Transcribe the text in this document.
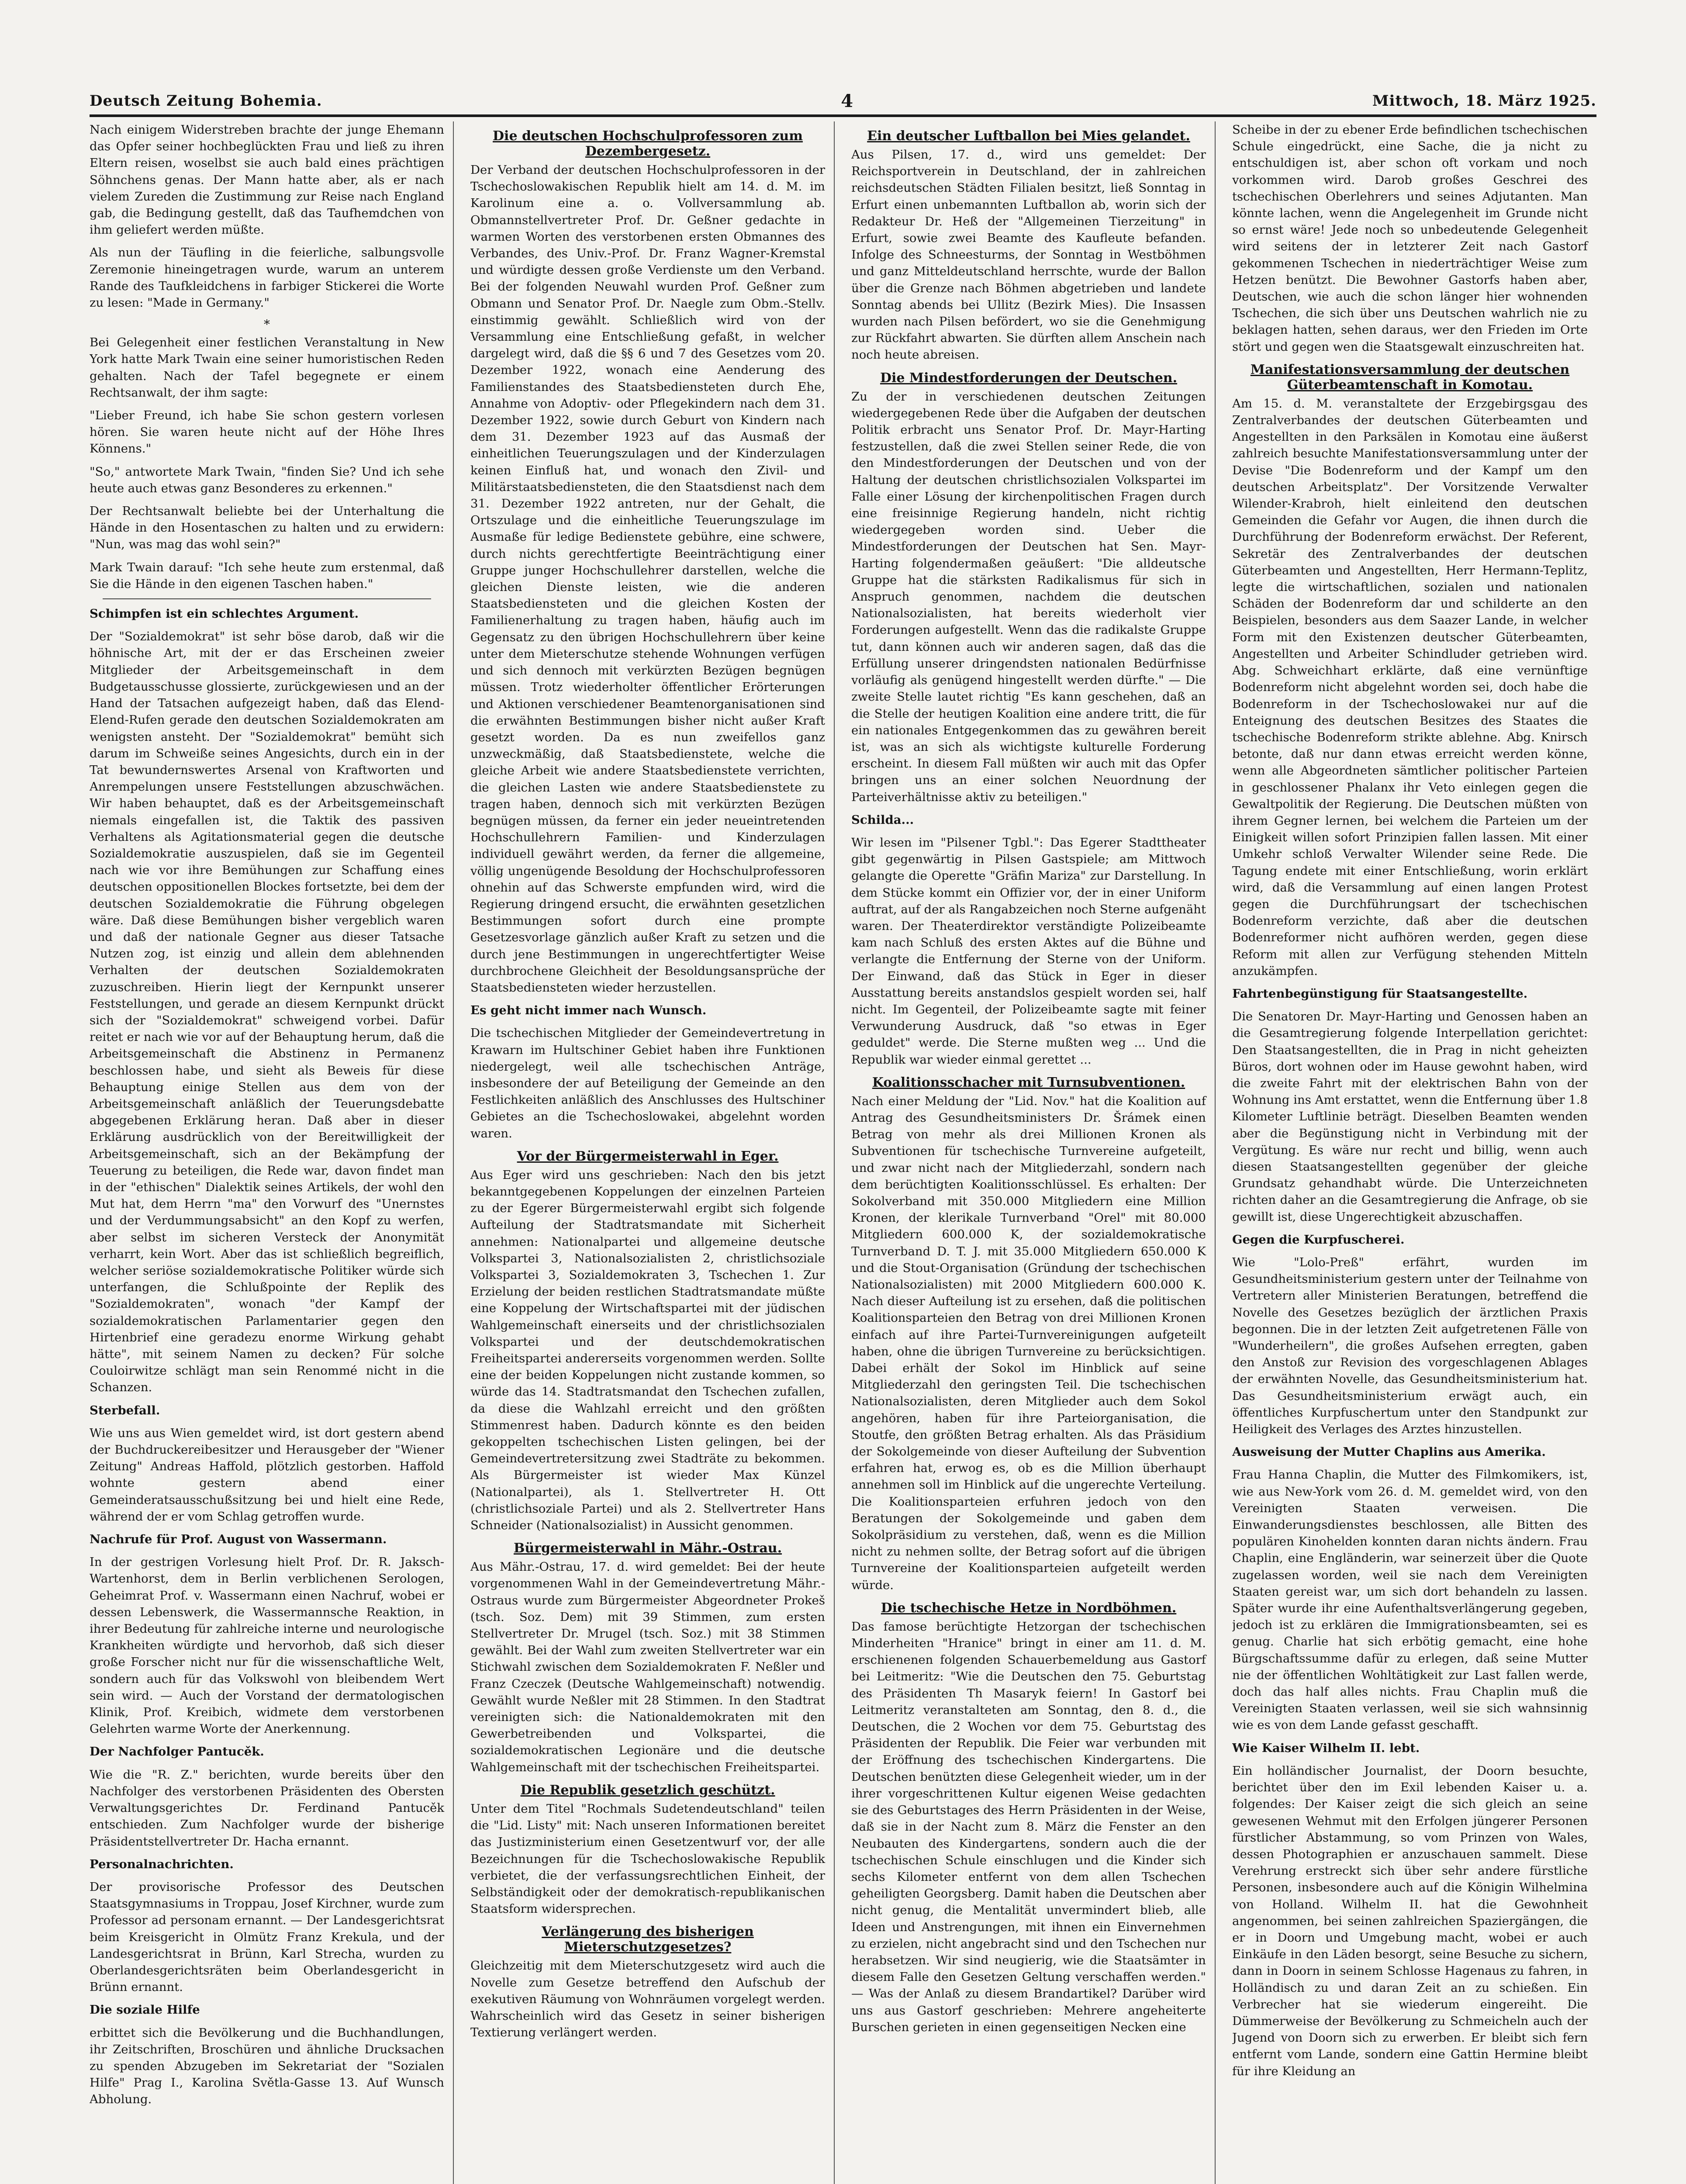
Deutsch Zeitung Bohemia.	4	Mittwoch, 18. März 1925.

Nach einigem Widerstreben brachte der junge Ehemann das Opfer seiner hochbeglückten Frau und ließ zu ihren Eltern reisen, woselbst sie auch bald eines prächtigen Söhnchens genas. Der Mann hatte aber, als er nach vielem Zureden die Zustimmung zur Reise nach England gab, die Bedingung gestellt, daß das Taufhemdchen von ihm geliefert werden müßte.

Als nun der Täufling in die feierliche, salbungsvolle Zeremonie hineingetragen wurde, warum an unterem Rande des Taufkleidchens in farbiger Stickerei die Worte zu lesen: "Made in Germany."

*

Bei Gelegenheit einer festlichen Veranstaltung in New York hatte Mark Twain eine seiner humoristischen Reden gehalten. Nach der Tafel begegnete er einem Rechtsanwalt, der ihm sagte:

"Lieber Freund, ich habe Sie schon gestern vorlesen hören. Sie waren heute nicht auf der Höhe Ihres Könnens."

"So," antwortete Mark Twain, "finden Sie? Und ich sehe heute auch etwas ganz Besonderes zu erkennen."

Der Rechtsanwalt beliebte bei der Unterhaltung die Hände in den Hosentaschen zu halten und zu erwidern: "Nun, was mag das wohl sein?"

Mark Twain darauf: "Ich sehe heute zum erstenmal, daß Sie die Hände in den eigenen Taschen haben."

Schimpfen ist ein schlechtes Argument.

Der "Sozialdemokrat" ist sehr böse darob, daß wir die höhnische Art, mit der er das Erscheinen zweier Mitglieder der Arbeitsgemeinschaft in dem Budgetausschusse glossierte, zurückgewiesen und an der Hand der Tatsachen aufgezeigt haben, daß das Elend-Elend-Rufen gerade den deutschen Sozialdemokraten am wenigsten ansteht. Der "Sozialdemokrat" bemüht sich darum im Schweiße seines Angesichts, durch ein in der Tat bewundernswertes Arsenal von Kraftworten und Anrempelungen unsere Feststellungen abzuschwächen. Wir haben behauptet, daß es der Arbeitsgemeinschaft niemals eingefallen ist, die Taktik des passiven Verhaltens als Agitationsmaterial gegen die deutsche Sozialdemokratie auszuspielen, daß sie im Gegenteil nach wie vor ihre Bemühungen zur Schaffung eines deutschen oppositionellen Blockes fortsetzte, bei dem der deutschen Sozialdemokratie die Führung obgelegen wäre. Daß diese Bemühungen bisher vergeblich waren und daß der nationale Gegner aus dieser Tatsache Nutzen zog, ist einzig und allein dem ablehnenden Verhalten der deutschen Sozialdemokraten zuzuschreiben. Hierin liegt der Kernpunkt unserer Feststellungen, und gerade an diesem Kernpunkt drückt sich der "Sozialdemokrat" schweigend vorbei. Dafür reitet er nach wie vor auf der Behauptung herum, daß die Arbeitsgemeinschaft die Abstinenz in Permanenz beschlossen habe, und sieht als Beweis für diese Behauptung einige Stellen aus dem von der Arbeitsgemeinschaft anläßlich der Teuerungsdebatte abgegebenen Erklärung heran. Daß aber in dieser Erklärung ausdrücklich von der Bereitwilligkeit der Arbeitsgemeinschaft, sich an der Bekämpfung der Teuerung zu beteiligen, die Rede war, davon findet man in der "ethischen" Dialektik seines Artikels, der wohl den Mut hat, dem Herrn "ma" den Vorwurf des "Unernstes und der Verdummungsabsicht" an den Kopf zu werfen, aber selbst im sicheren Versteck der Anonymität verharrt, kein Wort. Aber das ist schließlich begreiflich, welcher seriöse sozialdemokratische Politiker würde sich unterfangen, die Schlußpointe der Replik des "Sozialdemokraten", wonach "der Kampf der sozialdemokratischen Parlamentarier gegen den Hirtenbrief eine geradezu enorme Wirkung gehabt hätte", mit seinem Namen zu decken? Für solche Couloirwitze schlägt man sein Renommé nicht in die Schanzen.

Sterbefall.

Wie uns aus Wien gemeldet wird, ist dort gestern abend der Buchdruckereibesitzer und Herausgeber der "Wiener Zeitung" Andreas Haffold, plötzlich gestorben. Haffold wohnte gestern abend einer Gemeinderatsausschußsitzung bei und hielt eine Rede, während der er vom Schlag getroffen wurde.

Nachrufe für Prof. August von Wassermann.

In der gestrigen Vorlesung hielt Prof. Dr. R. Jaksch-Wartenhorst, dem in Berlin verblichenen Serologen, Geheimrat Prof. v. Wassermann einen Nachruf, wobei er dessen Lebenswerk, die Wassermannsche Reaktion, in ihrer Bedeutung für zahlreiche interne und neurologische Krankheiten würdigte und hervorhob, daß sich dieser große Forscher nicht nur für die wissenschaftliche Welt, sondern auch für das Volkswohl von bleibendem Wert sein wird. — Auch der Vorstand der dermatologischen Klinik, Prof. Kreibich, widmete dem verstorbenen Gelehrten warme Worte der Anerkennung.

Der Nachfolger Pantucěk.

Wie die "R. Z." berichten, wurde bereits über den Nachfolger des verstorbenen Präsidenten des Obersten Verwaltungsgerichtes Dr. Ferdinand Pantucěk entschieden. Zum Nachfolger wurde der bisherige Präsidentstellvertreter Dr. Hacha ernannt.

Personalnachrichten.

Der provisorische Professor des Deutschen Staatsgymnasiums in Troppau, Josef Kirchner, wurde zum Professor ad personam ernannt. — Der Landesgerichtsrat beim Kreisgericht in Olmütz Franz Krekula, und der Landesgerichtsrat in Brünn, Karl Strecha, wurden zu Oberlandesgerichtsräten beim Oberlandesgericht in Brünn ernannt.

Die soziale Hilfe

erbittet sich die Bevölkerung und die Buchhandlungen, ihr Zeitschriften, Broschüren und ähnliche Drucksachen zu spenden Abzugeben im Sekretariat der "Sozialen Hilfe" Prag I., Karolina Světla-Gasse 13. Auf Wunsch Abholung.

Die deutschen Hochschulprofessoren zum Dezembergesetz.

Der Verband der deutschen Hochschulprofessoren in der Tschechoslowakischen Republik hielt am 14. d. M. im Karolinum eine a. o. Vollversammlung ab. Obmannstellvertreter Prof. Dr. Geßner gedachte in warmen Worten des verstorbenen ersten Obmannes des Verbandes, des Univ.-Prof. Dr. Franz Wagner-Kremstal und würdigte dessen große Verdienste um den Verband. Bei der folgenden Neuwahl wurden Prof. Geßner zum Obmann und Senator Prof. Dr. Naegle zum Obm.-Stellv. einstimmig gewählt. Schließlich wird von der Versammlung eine Entschließung gefaßt, in welcher dargelegt wird, daß die §§ 6 und 7 des Gesetzes vom 20. Dezember 1922, wonach eine Aenderung des Familienstandes des Staatsbediensteten durch Ehe, Annahme von Adoptiv- oder Pflegekindern nach dem 31. Dezember 1922, sowie durch Geburt von Kindern nach dem 31. Dezember 1923 auf das Ausmaß der einheitlichen Teuerungszulagen und der Kinderzulagen keinen Einfluß hat, und wonach den Zivil- und Militärstaatsbediensteten, die den Staatsdienst nach dem 31. Dezember 1922 antreten, nur der Gehalt, die Ortszulage und die einheitliche Teuerungszulage im Ausmaße für ledige Bedienstete gebühre, eine schwere, durch nichts gerechtfertigte Beeinträchtigung einer Gruppe junger Hochschullehrer darstellen, welche die gleichen Dienste leisten, wie die anderen Staatsbediensteten und die gleichen Kosten der Familienerhaltung zu tragen haben, häufig auch im Gegensatz zu den übrigen Hochschullehrern über keine unter dem Mieterschutze stehende Wohnungen verfügen und sich dennoch mit verkürzten Bezügen begnügen müssen. Trotz wiederholter öffentlicher Erörterungen und Aktionen verschiedener Beamtenorganisationen sind die erwähnten Bestimmungen bisher nicht außer Kraft gesetzt worden. Da es nun zweifellos ganz unzweckmäßig, daß Staatsbedienstete, welche die gleiche Arbeit wie andere Staatsbedienstete verrichten, die gleichen Lasten wie andere Staatsbedienstete zu tragen haben, dennoch sich mit verkürzten Bezügen begnügen müssen, da ferner ein jeder neueintretenden Hochschullehrern Familien- und Kinderzulagen individuell gewährt werden, da ferner die allgemeine, völlig ungenügende Besoldung der Hochschulprofessoren ohnehin auf das Schwerste empfunden wird, wird die Regierung dringend ersucht, die erwähnten gesetzlichen Bestimmungen sofort durch eine prompte Gesetzesvorlage gänzlich außer Kraft zu setzen und die durch jene Bestimmungen in ungerechtfertigter Weise durchbrochene Gleichheit der Besoldungsansprüche der Staatsbediensteten wieder herzustellen.

Es geht nicht immer nach Wunsch.

Die tschechischen Mitglieder der Gemeindevertretung in Krawarn im Hultschiner Gebiet haben ihre Funktionen niedergelegt, weil alle tschechischen Anträge, insbesondere der auf Beteiligung der Gemeinde an den Festlichkeiten anläßlich des Anschlusses des Hultschiner Gebietes an die Tschechoslowakei, abgelehnt worden waren.

Vor der Bürgermeisterwahl in Eger.

Aus Eger wird uns geschrieben: Nach den bis jetzt bekanntgegebenen Koppelungen der einzelnen Parteien zu der Egerer Bürgermeisterwahl ergibt sich folgende Aufteilung der Stadtratsmandate mit Sicherheit annehmen: Nationalpartei und allgemeine deutsche Volkspartei 3, Nationalsozialisten 2, christlichsoziale Volkspartei 3, Sozialdemokraten 3, Tschechen 1. Zur Erzielung der beiden restlichen Stadtratsmandate müßte eine Koppelung der Wirtschaftspartei mit der jüdischen Wahlgemeinschaft einerseits und der christlichsozialen Volkspartei und der deutschdemokratischen Freiheitspartei andererseits vorgenommen werden. Sollte eine der beiden Koppelungen nicht zustande kommen, so würde das 14. Stadtratsmandat den Tschechen zufallen, da diese die Wahlzahl erreicht und den größten Stimmenrest haben. Dadurch könnte es den beiden gekoppelten tschechischen Listen gelingen, bei der Gemeindevertretersitzung zwei Stadträte zu bekommen. Als Bürgermeister ist wieder Max Künzel (Nationalpartei), als 1. Stellvertreter H. Ott (christlichsoziale Partei) und als 2. Stellvertreter Hans Schneider (Nationalsozialist) in Aussicht genommen.

Bürgermeisterwahl in Mähr.-Ostrau.

Aus Mähr.-Ostrau, 17. d. wird gemeldet: Bei der heute vorgenommenen Wahl in der Gemeindevertretung Mähr.-Ostraus wurde zum Bürgermeister Abgeordneter Prokeš (tsch. Soz. Dem) mit 39 Stimmen, zum ersten Stellvertreter Dr. Mrugel (tsch. Soz.) mit 38 Stimmen gewählt. Bei der Wahl zum zweiten Stellvertreter war ein Stichwahl zwischen dem Sozialdemokraten F. Neßler und Franz Czeczek (Deutsche Wahlgemeinschaft) notwendig. Gewählt wurde Neßler mit 28 Stimmen. In den Stadtrat vereinigten sich: die Nationaldemokraten mit den Gewerbetreibenden und Volkspartei, die sozialdemokratischen Legionäre und die deutsche Wahlgemeinschaft mit der tschechischen Freiheitspartei.

Die Republik gesetzlich geschützt.

Unter dem Titel "Rochmals Sudetendeutschland" teilen die "Lid. Listy" mit: Nach unseren Informationen bereitet das Justizministerium einen Gesetzentwurf vor, der alle Bezeichnungen für die Tschechoslowakische Republik verbietet, die der verfassungsrechtlichen Einheit, der Selbständigkeit oder der demokratisch-republikanischen Staatsform widersprechen.

Verlängerung des bisherigen Mieterschutzgesetzes?

Gleichzeitig mit dem Mieterschutzgesetz wird auch die Novelle zum Gesetze betreffend den Aufschub der exekutiven Räumung von Wohnräumen vorgelegt werden. Wahrscheinlich wird das Gesetz in seiner bisherigen Textierung verlängert werden.

Ein deutscher Luftballon bei Mies gelandet.

Aus Pilsen, 17. d., wird uns gemeldet: Der Reichsportverein in Deutschland, der in zahlreichen reichsdeutschen Städten Filialen besitzt, ließ Sonntag in Erfurt einen unbemannten Luftballon ab, worin sich der Redakteur Dr. Heß der "Allgemeinen Tierzeitung" in Erfurt, sowie zwei Beamte des Kaufleute befanden. Infolge des Schneesturms, der Sonntag in Westböhmen und ganz Mitteldeutschland herrschte, wurde der Ballon über die Grenze nach Böhmen abgetrieben und landete Sonntag abends bei Ullitz (Bezirk Mies). Die Insassen wurden nach Pilsen befördert, wo sie die Genehmigung zur Rückfahrt abwarten. Sie dürften allem Anschein nach noch heute abreisen.

Die Mindestforderungen der Deutschen.

Zu der in verschiedenen deutschen Zeitungen wiedergegebenen Rede über die Aufgaben der deutschen Politik erbracht uns Senator Prof. Dr. Mayr-Harting festzustellen, daß die zwei Stellen seiner Rede, die von den Mindestforderungen der Deutschen und von der Haltung der deutschen christlichsozialen Volkspartei im Falle einer Lösung der kirchenpolitischen Fragen durch eine freisinnige Regierung handeln, nicht richtig wiedergegeben worden sind. Ueber die Mindestforderungen der Deutschen hat Sen. Mayr-Harting folgendermaßen geäußert: "Die alldeutsche Gruppe hat die stärksten Radikalismus für sich in Anspruch genommen, nachdem die deutschen Nationalsozialisten, hat bereits wiederholt vier Forderungen aufgestellt. Wenn das die radikalste Gruppe tut, dann können auch wir anderen sagen, daß das die Erfüllung unserer dringendsten nationalen Bedürfnisse vorläufig als genügend hingestellt werden dürfte." — Die zweite Stelle lautet richtig "Es kann geschehen, daß an die Stelle der heutigen Koalition eine andere tritt, die für ein nationales Entgegenkommen das zu gewähren bereit ist, was an sich als wichtigste kulturelle Forderung erscheint. In diesem Fall müßten wir auch mit das Opfer bringen uns an einer solchen Neuordnung der Parteiverhältnisse aktiv zu beteiligen."

Schilda...

Wir lesen im "Pilsener Tgbl.": Das Egerer Stadttheater gibt gegenwärtig in Pilsen Gastspiele; am Mittwoch gelangte die Operette "Gräfin Mariza" zur Darstellung. In dem Stücke kommt ein Offizier vor, der in einer Uniform auftrat, auf der als Rangabzeichen noch Sterne aufgenäht waren. Der Theaterdirektor verständigte Polizeibeamte kam nach Schluß des ersten Aktes auf die Bühne und verlangte die Entfernung der Sterne von der Uniform. Der Einwand, daß das Stück in Eger in dieser Ausstattung bereits anstandslos gespielt worden sei, half nicht. Im Gegenteil, der Polizeibeamte sagte mit feiner Verwunderung Ausdruck, daß "so etwas in Eger geduldet" werde. Die Sterne mußten weg ... Und die Republik war wieder einmal gerettet ...

Koalitionsschacher mit Turnsubventionen.

Nach einer Meldung der "Lid. Nov." hat die Koalition auf Antrag des Gesundheitsministers Dr. Šrámek einen Betrag von mehr als drei Millionen Kronen als Subventionen für tschechische Turnvereine aufgeteilt, und zwar nicht nach der Mitgliederzahl, sondern nach dem berüchtigten Koalitionsschlüssel. Es erhalten: Der Sokolverband mit 350.000 Mitgliedern eine Million Kronen, der klerikale Turnverband "Orel" mit 80.000 Mitgliedern 600.000 K, der sozialdemokratische Turnverband D. T. J. mit 35.000 Mitgliedern 650.000 K und die Stout-Organisation (Gründung der tschechischen Nationalsozialisten) mit 2000 Mitgliedern 600.000 K. Nach dieser Aufteilung ist zu ersehen, daß die politischen Koalitionsparteien den Betrag von drei Millionen Kronen einfach auf ihre Partei-Turnvereinigungen aufgeteilt haben, ohne die übrigen Turnvereine zu berücksichtigen. Dabei erhält der Sokol im Hinblick auf seine Mitgliederzahl den geringsten Teil. Die tschechischen Nationalsozialisten, deren Mitglieder auch dem Sokol angehören, haben für ihre Parteiorganisation, die Stoutfe, den größten Betrag erhalten. Als das Präsidium der Sokolgemeinde von dieser Aufteilung der Subvention erfahren hat, erwog es, ob es die Million überhaupt annehmen soll im Hinblick auf die ungerechte Verteilung. Die Koalitionsparteien erfuhren jedoch von den Beratungen der Sokolgemeinde und gaben dem Sokolpräsidium zu verstehen, daß, wenn es die Million nicht zu nehmen sollte, der Betrag sofort auf die übrigen Turnvereine der Koalitionsparteien aufgeteilt werden würde.

Die tschechische Hetze in Nordböhmen.

Das famose berüchtigte Hetzorgan der tschechischen Minderheiten "Hranice" bringt in einer am 11. d. M. erschienenen folgenden Schauerbemeldung aus Gastorf bei Leitmeritz: "Wie die Deutschen den 75. Geburtstag des Präsidenten Th Masaryk feiern! In Gastorf bei Leitmeritz veranstalteten am Sonntag, den 8. d., die Deutschen, die 2 Wochen vor dem 75. Geburtstag des Präsidenten der Republik. Die Feier war verbunden mit der Eröffnung des tschechischen Kindergartens. Die Deutschen benützten diese Gelegenheit wieder, um in der ihrer vorgeschrittenen Kultur eigenen Weise gedachten sie des Geburtstages des Herrn Präsidenten in der Weise, daß sie in der Nacht zum 8. März die Fenster an den Neubauten des Kindergartens, sondern auch die der tschechischen Schule einschlugen und die Kinder sich sechs Kilometer entfernt von dem allen Tschechen geheiligten Georgsberg. Damit haben die Deutschen aber nicht genug, die Mentalität unvermindert blieb, alle Ideen und Anstrengungen, mit ihnen ein Einvernehmen zu erzielen, nicht angebracht sind und den Tschechen nur herabsetzen. Wir sind neugierig, wie die Staatsämter in diesem Falle den Gesetzen Geltung verschaffen werden." — Was der Anlaß zu diesem Brandartikel? Darüber wird uns aus Gastorf geschrieben: Mehrere angeheiterte Burschen gerieten in einen gegenseitigen Necken eine

Scheibe in der zu ebener Erde befindlichen tschechischen Schule eingedrückt, eine Sache, die ja nicht zu entschuldigen ist, aber schon oft vorkam und noch vorkommen wird. Darob großes Geschrei des tschechischen Oberlehrers und seines Adjutanten. Man könnte lachen, wenn die Angelegenheit im Grunde nicht so ernst wäre! Jede noch so unbedeutende Gelegenheit wird seitens der in letzterer Zeit nach Gastorf gekommenen Tschechen in niederträchtiger Weise zum Hetzen benützt. Die Bewohner Gastorfs haben aber, Deutschen, wie auch die schon länger hier wohnenden Tschechen, die sich über uns Deutschen wahrlich nie zu beklagen hatten, sehen daraus, wer den Frieden im Orte stört und gegen wen die Staatsgewalt einzuschreiten hat.

Manifestationsversammlung der deutschen Güterbeamtenschaft in Komotau.

Am 15. d. M. veranstaltete der Erzgebirgsgau des Zentralverbandes der deutschen Güterbeamten und Angestellten in den Parksälen in Komotau eine äußerst zahlreich besuchte Manifestationsversammlung unter der Devise "Die Bodenreform und der Kampf um den deutschen Arbeitsplatz". Der Vorsitzende Verwalter Wilender-Krabroh, hielt einleitend den deutschen Gemeinden die Gefahr vor Augen, die ihnen durch die Durchführung der Bodenreform erwächst. Der Referent, Sekretär des Zentralverbandes der deutschen Güterbeamten und Angestellten, Herr Hermann-Teplitz, legte die wirtschaftlichen, sozialen und nationalen Schäden der Bodenreform dar und schilderte an den Beispielen, besonders aus dem Saazer Lande, in welcher Form mit den Existenzen deutscher Güterbeamten, Angestellten und Arbeiter Schindluder getrieben wird. Abg. Schweichhart erklärte, daß eine vernünftige Bodenreform nicht abgelehnt worden sei, doch habe die Bodenreform in der Tschechoslowakei nur auf die Enteignung des deutschen Besitzes des Staates die tschechische Bodenreform strikte ablehne. Abg. Knirsch betonte, daß nur dann etwas erreicht werden könne, wenn alle Abgeordneten sämtlicher politischer Parteien in geschlossener Phalanx ihr Veto einlegen gegen die Gewaltpolitik der Regierung. Die Deutschen müßten von ihrem Gegner lernen, bei welchem die Parteien um der Einigkeit willen sofort Prinzipien fallen lassen. Mit einer Umkehr schloß Verwalter Wilender seine Rede. Die Tagung endete mit einer Entschließung, worin erklärt wird, daß die Versammlung auf einen langen Protest gegen die Durchführungsart der tschechischen Bodenreform verzichte, daß aber die deutschen Bodenreformer nicht aufhören werden, gegen diese Reform mit allen zur Verfügung stehenden Mitteln anzukämpfen.

Fahrtenbegünstigung für Staatsangestellte.

Die Senatoren Dr. Mayr-Harting und Genossen haben an die Gesamtregierung folgende Interpellation gerichtet: Den Staatsangestellten, die in Prag in nicht geheizten Büros, dort wohnen oder im Hause gewohnt haben, wird die zweite Fahrt mit der elektrischen Bahn von der Wohnung ins Amt erstattet, wenn die Entfernung über 1.8 Kilometer Luftlinie beträgt. Dieselben Beamten wenden aber die Begünstigung nicht in Verbindung mit der Vergütung. Es wäre nur recht und billig, wenn auch diesen Staatsangestellten gegenüber der gleiche Grundsatz gehandhabt würde. Die Unterzeichneten richten daher an die Gesamtregierung die Anfrage, ob sie gewillt ist, diese Ungerechtigkeit abzuschaffen.

Gegen die Kurpfuscherei.

Wie "Lolo-Preß" erfährt, wurden im Gesundheitsministerium gestern unter der Teilnahme von Vertretern aller Ministerien Beratungen, betreffend die Novelle des Gesetzes bezüglich der ärztlichen Praxis begonnen. Die in der letzten Zeit aufgetretenen Fälle von "Wunderheilern", die großes Aufsehen erregten, gaben den Anstoß zur Revision des vorgeschlagenen Ablages der erwähnten Novelle, das Gesundheitsministerium hat. Das Gesundheitsministerium erwägt auch, ein öffentliches Kurpfuschertum unter den Standpunkt zur Heiligkeit des Verlages des Arztes hinzustellen.

Ausweisung der Mutter Chaplins aus Amerika.

Frau Hanna Chaplin, die Mutter des Filmkomikers, ist, wie aus New-York vom 26. d. M. gemeldet wird, von den Vereinigten Staaten verweisen. Die Einwanderungsdienstes beschlossen, alle Bitten des populären Kinohelden konnten daran nichts ändern. Frau Chaplin, eine Engländerin, war seinerzeit über die Quote zugelassen worden, weil sie nach dem Vereinigten Staaten gereist war, um sich dort behandeln zu lassen. Später wurde ihr eine Aufenthaltsverlängerung gegeben, jedoch ist zu erklären die Immigrationsbeamten, sei es genug. Charlie hat sich erbötig gemacht, eine hohe Bürgschaftssumme dafür zu erlegen, daß seine Mutter nie der öffentlichen Wohltätigkeit zur Last fallen werde, doch das half alles nichts. Frau Chaplin muß die Vereinigten Staaten verlassen, weil sie sich wahnsinnig wie es von dem Lande gefasst geschafft.

Wie Kaiser Wilhelm II. lebt.

Ein holländischer Journalist, der Doorn besuchte, berichtet über den im Exil lebenden Kaiser u. a. folgendes: Der Kaiser zeigt die sich gleich an seine gewesenen Wehmut mit den Erfolgen jüngerer Personen fürstlicher Abstammung, so vom Prinzen von Wales, dessen Photographien er anzuschauen sammelt. Diese Verehrung erstreckt sich über sehr andere fürstliche Personen, insbesondere auch auf die Königin Wilhelmina von Holland. Wilhelm II. hat die Gewohnheit angenommen, bei seinen zahlreichen Spaziergängen, die er in Doorn und Umgebung macht, wobei er auch Einkäufe in den Läden besorgt, seine Besuche zu sichern, dann in Doorn in seinem Schlosse Hagenaus zu fahren, in Holländisch zu und daran Zeit an zu schießen. Ein Verbrecher hat sie wiederum eingereiht. Die Dümmerweise der Bevölkerung zu Schmeicheln auch der Jugend von Doorn sich zu erwerben. Er bleibt sich fern entfernt vom Lande, sondern eine Gattin Hermine bleibt für ihre Kleidung an
